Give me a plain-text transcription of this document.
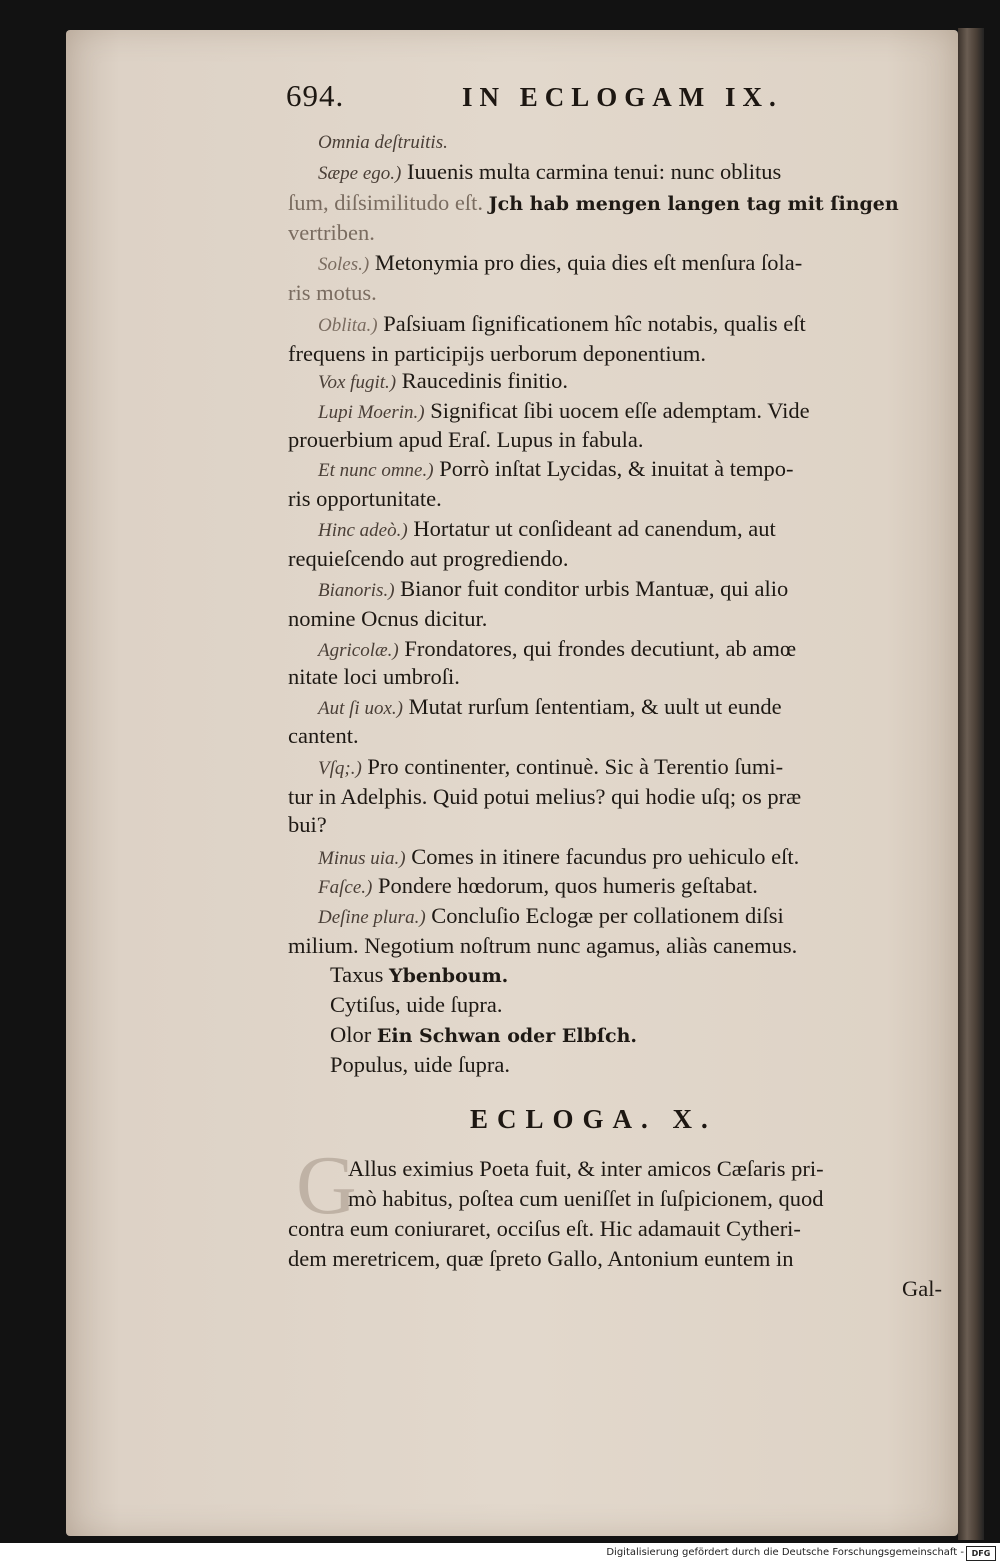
694.	IN ECLOGAM IX.
Omnia deſtruitis.
Sæpe ego.) Iuuenis multa carmina tenui: nunc oblitus
ſum, diſsimilitudo eſt. Jch hab mengen langen tag mit ſingen
vertriben.
Soles.) Metonymia pro dies, quia dies eſt menſura ſola-
ris motus.
Oblita.) Paſsiuam ſignificationem hîc notabis, qualis eſt
frequens in participijs uerborum deponentium.
Vox fugit.) Raucedinis finitio.
Lupi Moerin.) Significat ſibi uocem eſſe ademptam. Vide
prouerbium apud Eraſ. Lupus in fabula.
Et nunc omne.) Porrò inſtat Lycidas, & inuitat à tempo-
ris opportunitate.
Hinc adeò.) Hortatur ut conſideant ad canendum, aut
requieſcendo aut progrediendo.
Bianoris.) Bianor fuit conditor urbis Mantuæ, qui alio
nomine Ocnus dicitur.
Agricolæ.) Frondatores, qui frondes decutiunt, ab amœ
nitate loci umbroſi.
Aut ſi uox.) Mutat rurſum ſententiam, & uult ut eunde
cantent.
Vſq;.) Pro continenter, continuè. Sic à Terentio ſumi-
tur in Adelphis. Quid potui melius? qui hodie uſq; os præ
bui?
Minus uia.) Comes in itinere facundus pro uehiculo eſt.
Faſce.) Pondere hœdorum, quos humeris geſtabat.
Deſine plura.) Concluſio Eclogæ per collationem diſsi
milium. Negotium noſtrum nunc agamus, aliàs canemus.
Taxus Ybenboum.
Cytiſus, uide ſupra.
Olor Ein Schwan oder Elbſch.
Populus, uide ſupra.
ECLOGA. X.
G
Allus eximius Poeta fuit, & inter amicos Cæſaris pri-
mò habitus, poſtea cum ueniſſet in ſuſpicionem, quod
contra eum coniuraret, occiſus eſt. Hic adamauit Cytheri-
dem meretricem, quæ ſpreto Gallo, Antonium euntem in
Gal-
Digitalisierung gefördert durch die Deutsche Forschungsgemeinschaft - DFG
